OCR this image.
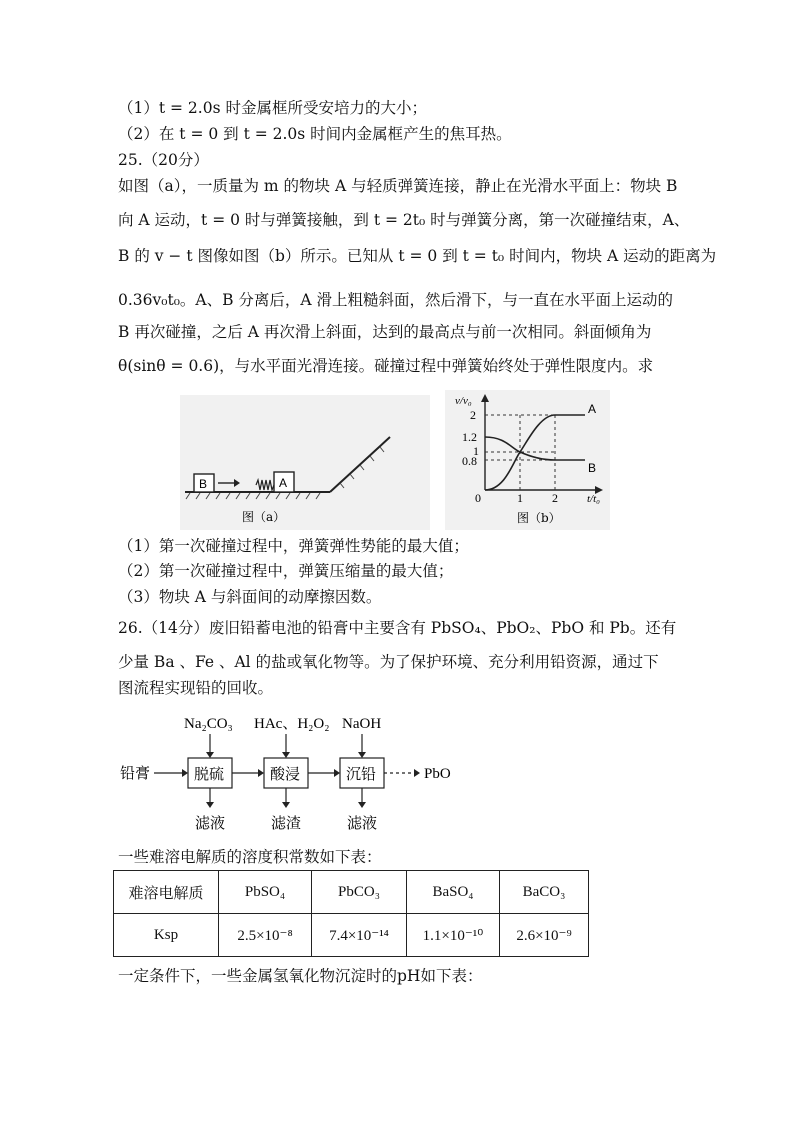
（1）t = 2.0s 时金属框所受安培力的大小；
（2）在 t = 0 到 t = 2.0s 时间内金属框产生的焦耳热。
25.（20分）
如图（a），一质量为 m 的物块 A 与轻质弹簧连接，静止在光滑水平面上：物块 B
向 A 运动，t = 0 时与弹簧接触，到 t = 2t₀ 时与弹簧分离，第一次碰撞结束，A、
B 的 v − t 图像如图（b）所示。已知从 t = 0 到 t = t₀ 时间内，物块 A 运动的距离为
0.36v₀t₀。A、B 分离后，A 滑上粗糙斜面，然后滑下，与一直在水平面上运动的
B 再次碰撞，之后 A 再次滑上斜面，达到的最高点与前一次相同。斜面倾角为
θ(sinθ = 0.6)，与水平面光滑连接。碰撞过程中弹簧始终处于弹性限度内。求
B	A
图（a）
v/v₀
2
1.2
1
0.8
0	1 2	t/t₀
A
B
图（b）
（1）第一次碰撞过程中，弹簧弹性势能的最大值；
（2）第一次碰撞过程中，弹簧压缩量的最大值；
（3）物块 A 与斜面间的动摩擦因数。
26.（14分）废旧铅蓄电池的铅膏中主要含有 PbSO₄、PbO₂、PbO 和 Pb。还有
少量 Ba 、Fe 、Al 的盐或氧化物等。为了保护环境、充分利用铅资源，通过下
图流程实现铅的回收。
铅膏	脱硫	酸浸	沉铅	PbO
Na₂CO₃ HAc、H₂O₂ NaOH
滤液	滤渣	滤液
一些难溶电解质的溶度积常数如下表：
难溶电解质	PbSO₄	PbCO₃	BaSO₄	BaCO₃
Ksp	2.5×10⁻⁸	7.4×10⁻¹⁴	1.1×10⁻¹⁰	2.6×10⁻⁹
一定条件下，一些金属氢氧化物沉淀时的pH如下表：
